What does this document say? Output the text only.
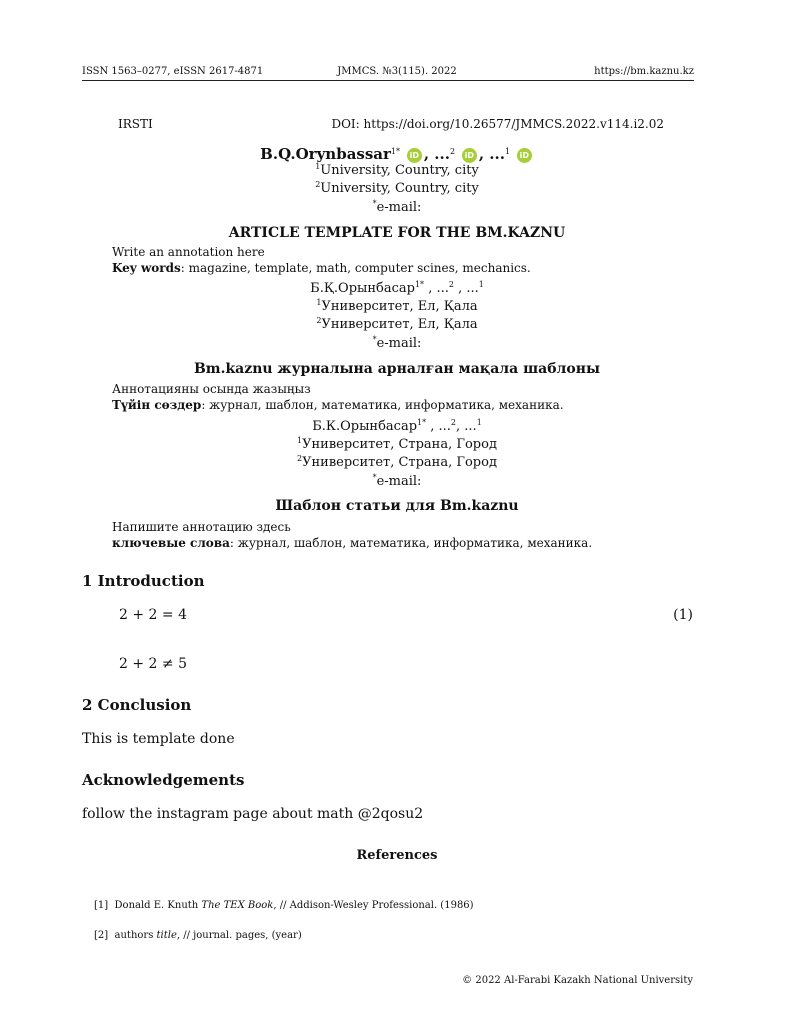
ISSN 1563–0277, eISSN 2617-4871	JMMCS. №3(115). 2022	https://bm.kaznu.kz
IRSTI	DOI: https://doi.org/10.26577/JMMCS.2022.v114.i2.02
B.Q.Orynbassar$^{1*}$ iD , ...$^2$ iD , ...$^1$ iD
$^1$University, Country, city
$^2$University, Country, city
*e-mail:
ARTICLE TEMPLATE FOR THE BM.KAZNU
Write an annotation here
Key words: magazine, template, math, computer scines, mechanics.
Б.Қ.Орынбасар$^{1*}$ , ...$^2$ , ...$^1$
$^1$Университет, Ел, Қала
$^2$Университет, Ел, Қала
*e-mail:
Bm.kaznu журналына арналған мақала шаблоны
Аннотацияны осында жазыңыз
Түйін сөздер: журнал, шаблон, математика, информатика, механика.
Б.К.Орынбасар$^{1*}$ , ...$^2$, ...$^1$
$^1$Университет, Страна, Город
$^2$Университет, Страна, Город
*e-mail:
Шаблон статьи для Bm.kaznu
Напишите аннотацию здесь
ключевые слова: журнал, шаблон, математика, информатика, механика.
1 Introduction
2 + 2 = 4	(1)
2 + 2 ≠ 5
2 Conclusion
This is template done
Acknowledgements
follow the instagram page about math @2qosu2
References
[1] Donald E. Knuth The TEX Book, // Addison-Wesley Professional. (1986)
[2] authors title, // journal. pages, (year)
© 2022 Al-Farabi Kazakh National University
